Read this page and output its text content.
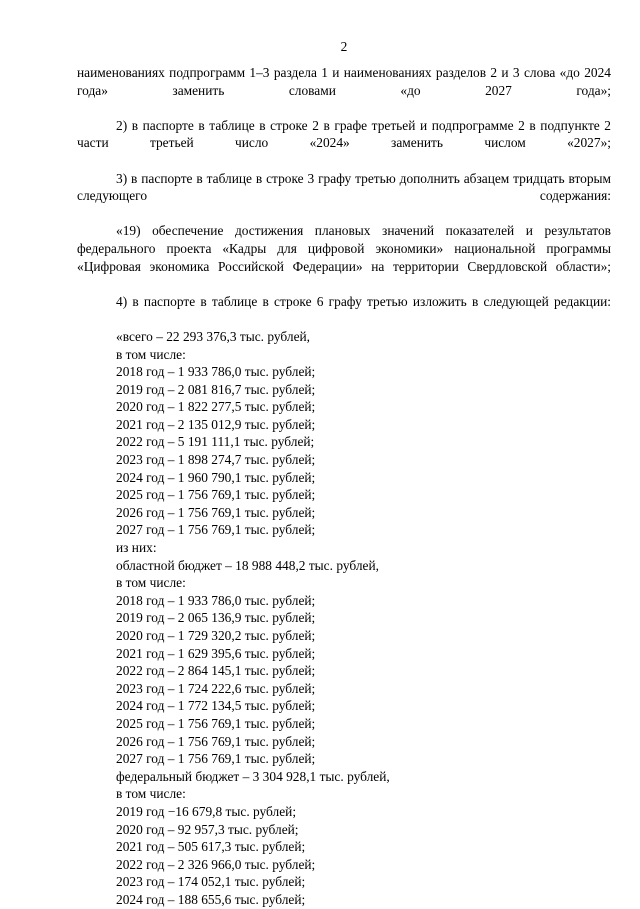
2

наименованиях подпрограмм 1–3 раздела 1 и наименованиях разделов 2 и 3 слова «до 2024 года» заменить словами «до 2027 года»;

2) в паспорте в таблице в строке 2 в графе третьей и подпрограмме 2 в подпункте 2 части третьей число «2024» заменить числом «2027»;

3) в паспорте в таблице в строке 3 графу третью дополнить абзацем тридцать вторым следующего содержания:

«19) обеспечение достижения плановых значений показателей и результатов федерального проекта «Кадры для цифровой экономики» национальной программы «Цифровая экономика Российской Федерации» на территории Свердловской области»;

4) в паспорте в таблице в строке 6 графу третью изложить в следующей редакции:

«всего – 22 293 376,3 тыс. рублей,

в том числе:

2018 год – 1 933 786,0 тыс. рублей;

2019 год – 2 081 816,7 тыс. рублей;

2020 год – 1 822 277,5 тыс. рублей;

2021 год – 2 135 012,9 тыс. рублей;

2022 год – 5 191 111,1 тыс. рублей;

2023 год – 1 898 274,7 тыс. рублей;

2024 год – 1 960 790,1 тыс. рублей;

2025 год – 1 756 769,1 тыс. рублей;

2026 год – 1 756 769,1 тыс. рублей;

2027 год – 1 756 769,1 тыс. рублей;

из них:

областной бюджет – 18 988 448,2 тыс. рублей,

в том числе:

2018 год – 1 933 786,0 тыс. рублей;

2019 год – 2 065 136,9 тыс. рублей;

2020 год – 1 729 320,2 тыс. рублей;

2021 год – 1 629 395,6 тыс. рублей;

2022 год – 2 864 145,1 тыс. рублей;

2023 год – 1 724 222,6 тыс. рублей;

2024 год – 1 772 134,5 тыс. рублей;

2025 год – 1 756 769,1 тыс. рублей;

2026 год – 1 756 769,1 тыс. рублей;

2027 год – 1 756 769,1 тыс. рублей;

федеральный бюджет – 3 304 928,1 тыс. рублей,

в том числе:

2019 год −16 679,8 тыс. рублей;

2020 год – 92 957,3 тыс. рублей;

2021 год – 505 617,3 тыс. рублей;

2022 год – 2 326 966,0 тыс. рублей;

2023 год – 174 052,1 тыс. рублей;

2024 год – 188 655,6 тыс. рублей;
